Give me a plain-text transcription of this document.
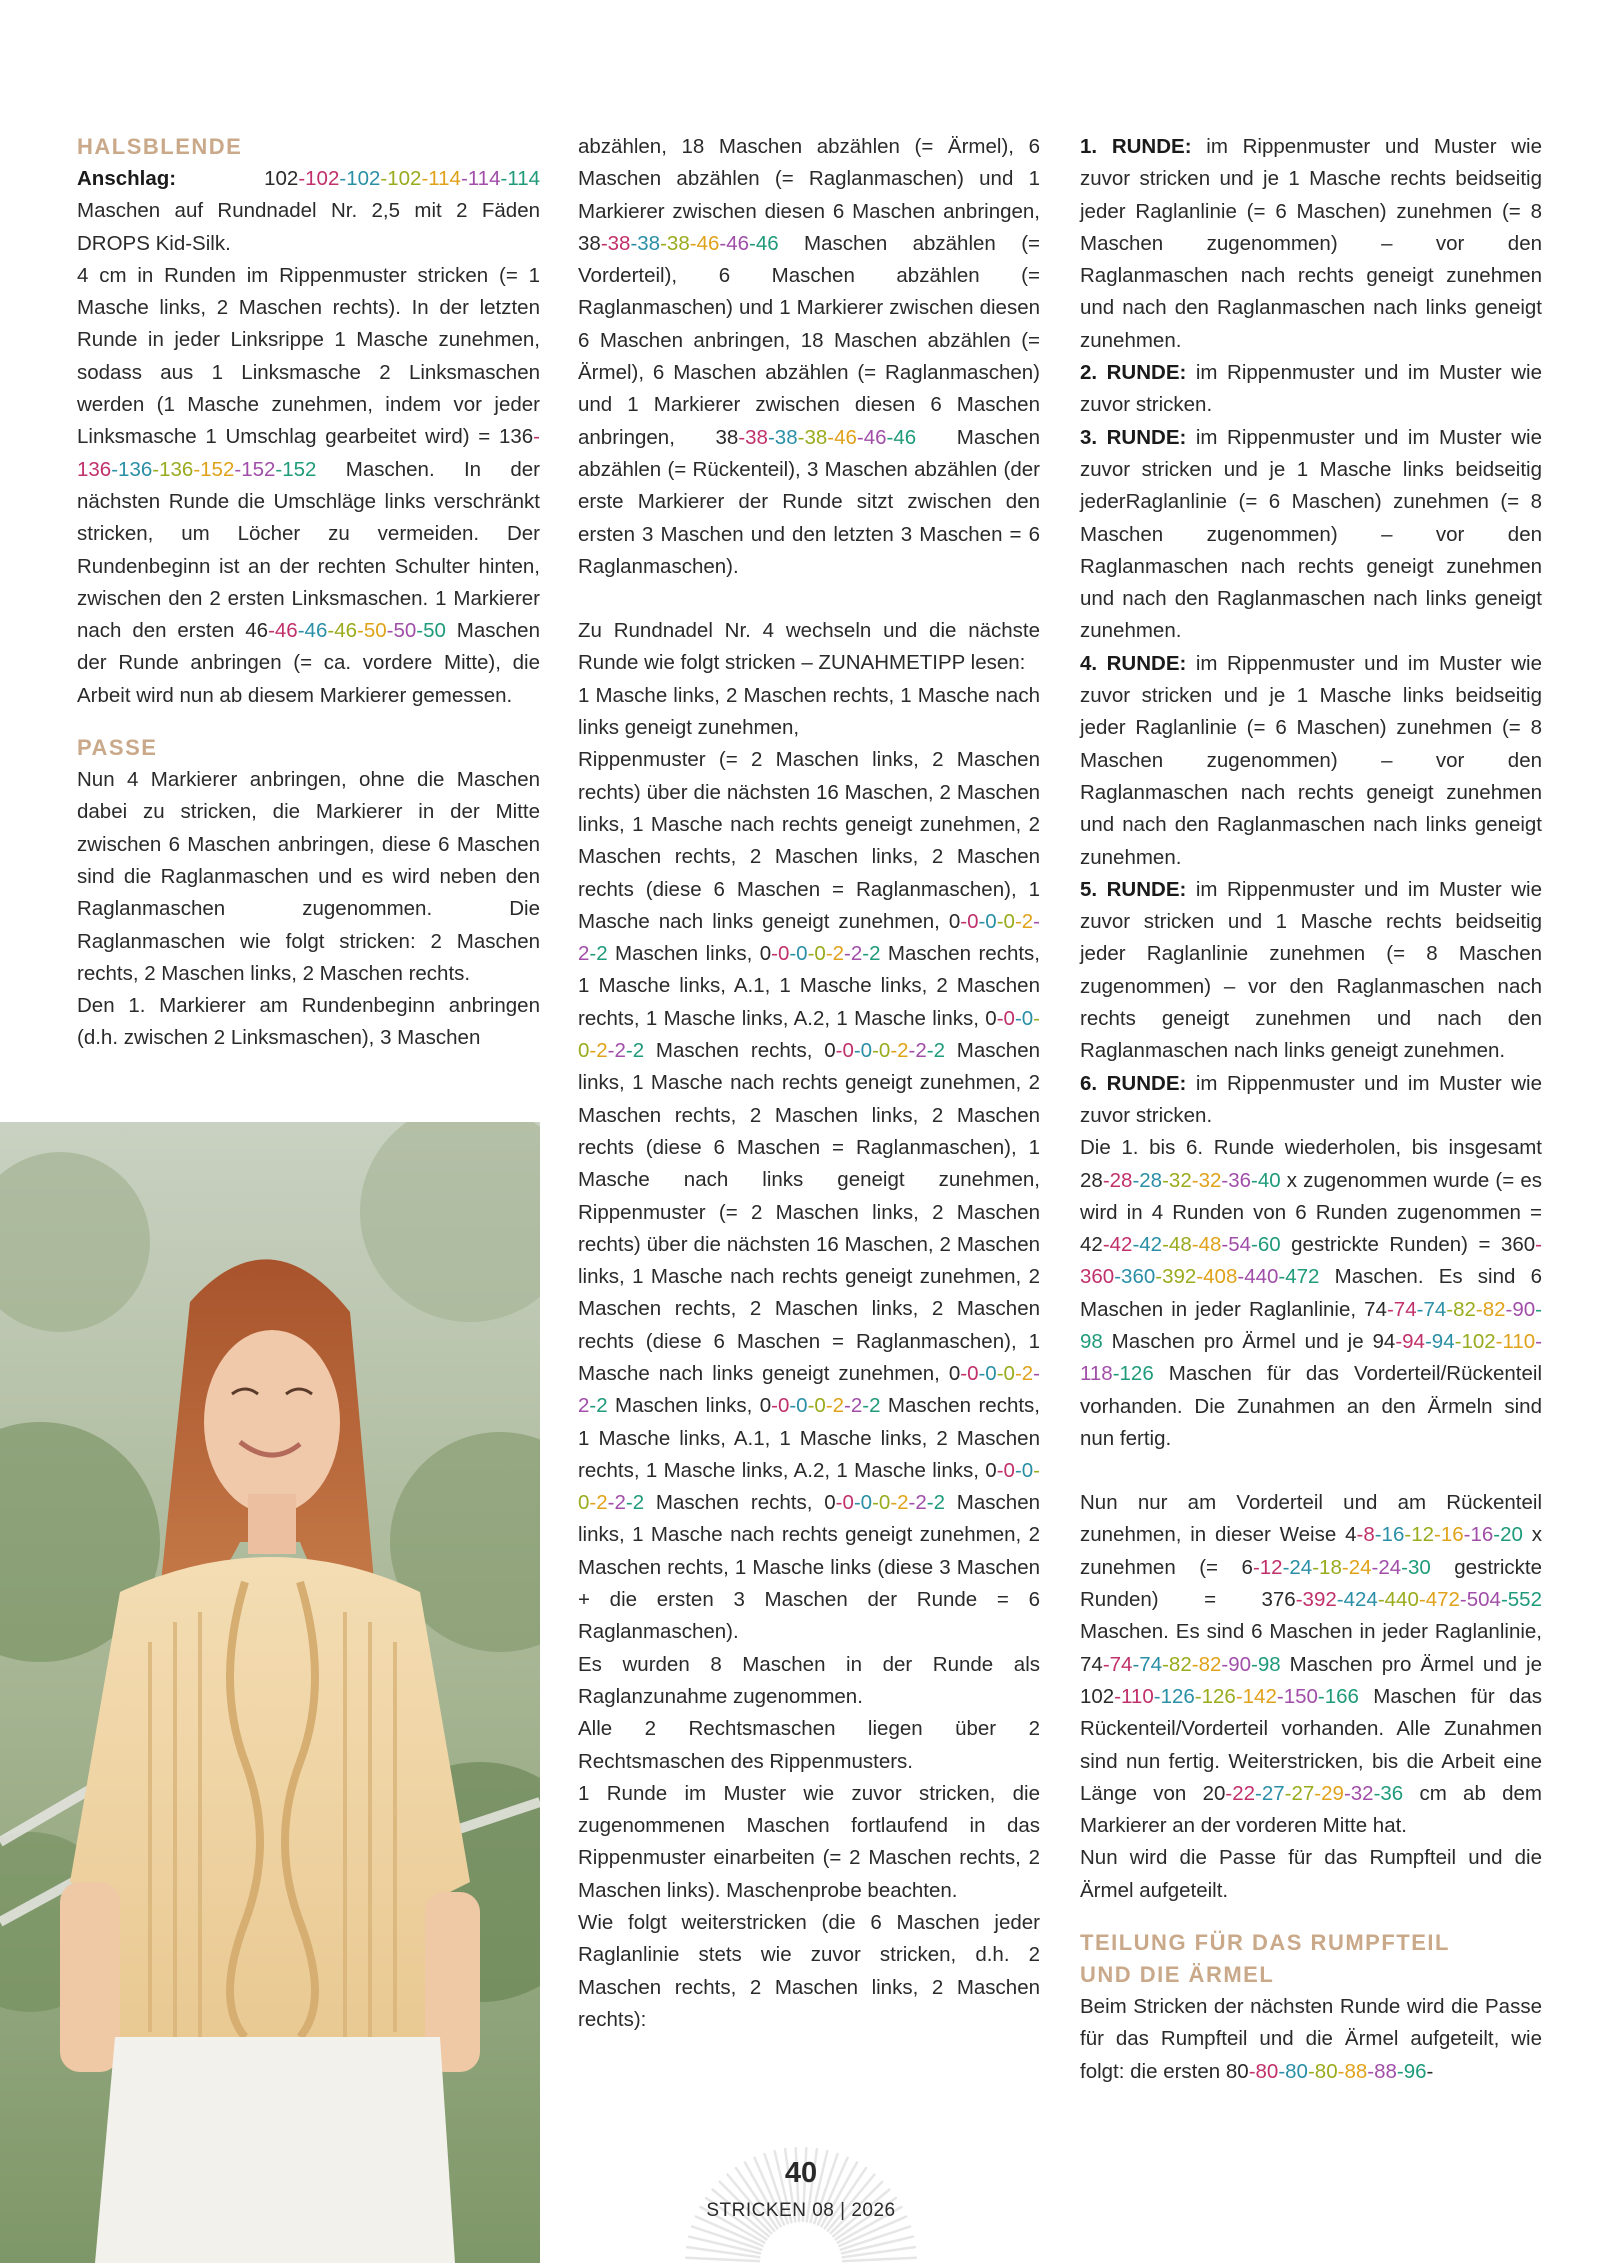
HALSBLENDE

Anschlag:	102-102-102-102-114-114-114 Maschen auf Rundnadel Nr. 2,5 mit 2 Fäden DROPS Kid-Silk.

4 cm in Runden im Rippenmuster stricken (= 1 Masche links, 2 Maschen rechts). In der letzten Runde in jeder Linksrippe 1 Masche zunehmen, sodass aus 1 Linksmasche 2 Linksmaschen werden (1 Masche zunehmen, indem vor jeder Linksmasche 1 Umschlag gearbeitet wird) = 136-136-136-136-152-152-152 Maschen. In der nächsten Runde die Umschläge links verschränkt stricken, um Löcher zu vermeiden. Der Rundenbeginn ist an der rechten Schulter hinten, zwischen den 2 ersten Linksmaschen. 1 Markierer nach den ersten 46-46-46-46-50-50-50 Maschen der Runde anbringen (= ca. vordere Mitte), die Arbeit wird nun ab diesem Markierer gemessen.

PASSE

Nun 4 Markierer anbringen, ohne die Maschen dabei zu stricken, die Markierer in der Mitte zwischen 6 Maschen anbringen, diese 6 Maschen sind die Raglanmaschen und es wird neben den Raglanmaschen zugenommen. Die Raglanmaschen wie folgt stricken: 2 Maschen rechts, 2 Maschen links, 2 Maschen rechts.

Den 1. Markierer am Rundenbeginn anbringen (d.h. zwischen 2 Linksmaschen), 3 Maschen

abzählen, 18 Maschen abzählen (= Ärmel), 6 Maschen abzählen (= Raglanmaschen) und 1 Markierer zwischen diesen 6 Maschen anbringen, 38-38-38-38-46-46-46 Maschen abzählen (= Vorderteil), 6 Maschen abzählen (= Raglanmaschen) und 1 Markierer zwischen diesen 6 Maschen anbringen, 18 Maschen abzählen (= Ärmel), 6 Maschen abzählen (= Raglanmaschen) und 1 Markierer zwischen diesen 6 Maschen anbringen, 38-38-38-38-46-46-46 Maschen abzählen (= Rückenteil), 3 Maschen abzählen (der erste Markierer der Runde sitzt zwischen den ersten 3 Maschen und den letzten 3 Maschen = 6 Raglanmaschen).

Zu Rundnadel Nr. 4 wechseln und die nächste Runde wie folgt stricken – ZUNAHMETIPP lesen:

1 Masche links, 2 Maschen rechts, 1 Masche nach links geneigt zunehmen,

Rippenmuster (= 2 Maschen links, 2 Maschen rechts) über die nächsten 16 Maschen, 2 Maschen links, 1 Masche nach rechts geneigt zunehmen, 2 Maschen rechts, 2 Maschen links, 2 Maschen rechts (diese 6 Maschen = Raglanmaschen), 1 Masche nach links geneigt zunehmen, 0-0-0-0-2-2-2 Maschen links, 0-0-0-0-2-2-2 Maschen rechts, 1 Masche links, A.1, 1 Masche links, 2 Maschen rechts, 1 Masche links, A.2, 1 Masche links, 0-0-0-0-2-2-2 Maschen rechts, 0-0-0-0-2-2-2 Maschen links, 1 Masche nach rechts geneigt zunehmen, 2 Maschen rechts, 2 Maschen links, 2 Maschen rechts (diese 6 Maschen = Raglanmaschen), 1 Masche nach links geneigt zunehmen, Rippenmuster (= 2 Maschen links, 2 Maschen rechts) über die nächsten 16 Maschen, 2 Maschen links, 1 Masche nach rechts geneigt zunehmen, 2 Maschen rechts, 2 Maschen links, 2 Maschen rechts (diese 6 Maschen = Raglanmaschen), 1 Masche nach links geneigt zunehmen, 0-0-0-0-2-2-2 Maschen links, 0-0-0-0-2-2-2 Maschen rechts, 1 Masche links, A.1, 1 Masche links, 2 Maschen rechts, 1 Masche links, A.2, 1 Masche links, 0-0-0-0-2-2-2 Maschen rechts, 0-0-0-0-2-2-2 Maschen links, 1 Masche nach rechts geneigt zunehmen, 2 Maschen rechts, 1 Masche links (diese 3 Maschen + die ersten 3 Maschen der Runde = 6 Raglanmaschen).

Es wurden 8 Maschen in der Runde als Raglanzunahme zugenommen.

Alle 2 Rechtsmaschen liegen über 2 Rechtsmaschen des Rippenmusters.

1 Runde im Muster wie zuvor stricken, die zugenommenen Maschen fortlaufend in das Rippenmuster einarbeiten (= 2 Maschen rechts, 2 Maschen links). Maschenprobe beachten.

Wie folgt weiterstricken (die 6 Maschen jeder Raglanlinie stets wie zuvor stricken, d.h. 2 Maschen rechts, 2 Maschen links, 2 Maschen rechts):

1. RUNDE: im Rippenmuster und Muster wie zuvor stricken und je 1 Masche rechts beidseitig jeder Raglanlinie (= 6 Maschen) zunehmen (= 8 Maschen zugenommen) – vor den Raglanmaschen nach rechts geneigt zunehmen und nach den Raglanmaschen nach links geneigt zunehmen.

2. RUNDE: im Rippenmuster und im Muster wie zuvor stricken.

3. RUNDE: im Rippenmuster und im Muster wie zuvor stricken und je 1 Masche links beidseitig jederRaglanlinie (= 6 Maschen) zunehmen (= 8 Maschen zugenommen) – vor den Raglanmaschen nach rechts geneigt zunehmen und nach den Raglanmaschen nach links geneigt zunehmen.

4. RUNDE: im Rippenmuster und im Muster wie zuvor stricken und je 1 Masche links beidseitig jeder Raglanlinie (= 6 Maschen) zunehmen (= 8 Maschen zugenommen) – vor den Raglanmaschen nach rechts geneigt zunehmen und nach den Raglanmaschen nach links geneigt zunehmen.

5. RUNDE: im Rippenmuster und im Muster wie zuvor stricken und 1 Masche rechts beidseitig jeder Raglanlinie zunehmen (= 8 Maschen zugenommen) – vor den Raglanmaschen nach rechts geneigt zunehmen und nach den Raglanmaschen nach links geneigt zunehmen.

6. RUNDE: im Rippenmuster und im Muster wie zuvor stricken.

Die 1. bis 6. Runde wiederholen, bis insgesamt 28-28-28-32-32-36-40 x zugenommen wurde (= es wird in 4 Runden von 6 Runden zugenommen = 42-42-42-48-48-54-60 gestrickte Runden) = 360-360-360-392-408-440-472 Maschen. Es sind 6 Maschen in jeder Raglanlinie, 74-74-74-82-82-90-98 Maschen pro Ärmel und je 94-94-94-102-110-118-126 Maschen für das Vorderteil/Rückenteil vorhanden. Die Zunahmen an den Ärmeln sind nun fertig.

Nun nur am Vorderteil und am Rückenteil zunehmen, in dieser Weise 4-8-16-12-16-16-20 x zunehmen (= 6-12-24-18-24-24-30 gestrickte Runden) = 376-392-424-440-472-504-552 Maschen. Es sind 6 Maschen in jeder Raglanlinie, 74-74-74-82-82-90-98 Maschen pro Ärmel und je 102-110-126-126-142-150-166 Maschen für das Rückenteil/Vorderteil vorhanden. Alle Zunahmen sind nun fertig. Weiterstricken, bis die Arbeit eine Länge von 20-22-27-27-29-32-36 cm ab dem Markierer an der vorderen Mitte hat.

Nun wird die Passe für das Rumpfteil und die Ärmel aufgeteilt.

TEILUNG FÜR DAS RUMPFTEIL
UND DIE ÄRMEL

Beim Stricken der nächsten Runde wird die Passe für das Rumpfteil und die Ärmel aufgeteilt, wie folgt: die ersten 80-80-80-80-88-88-96-

40
STRICKEN 08 | 2026
